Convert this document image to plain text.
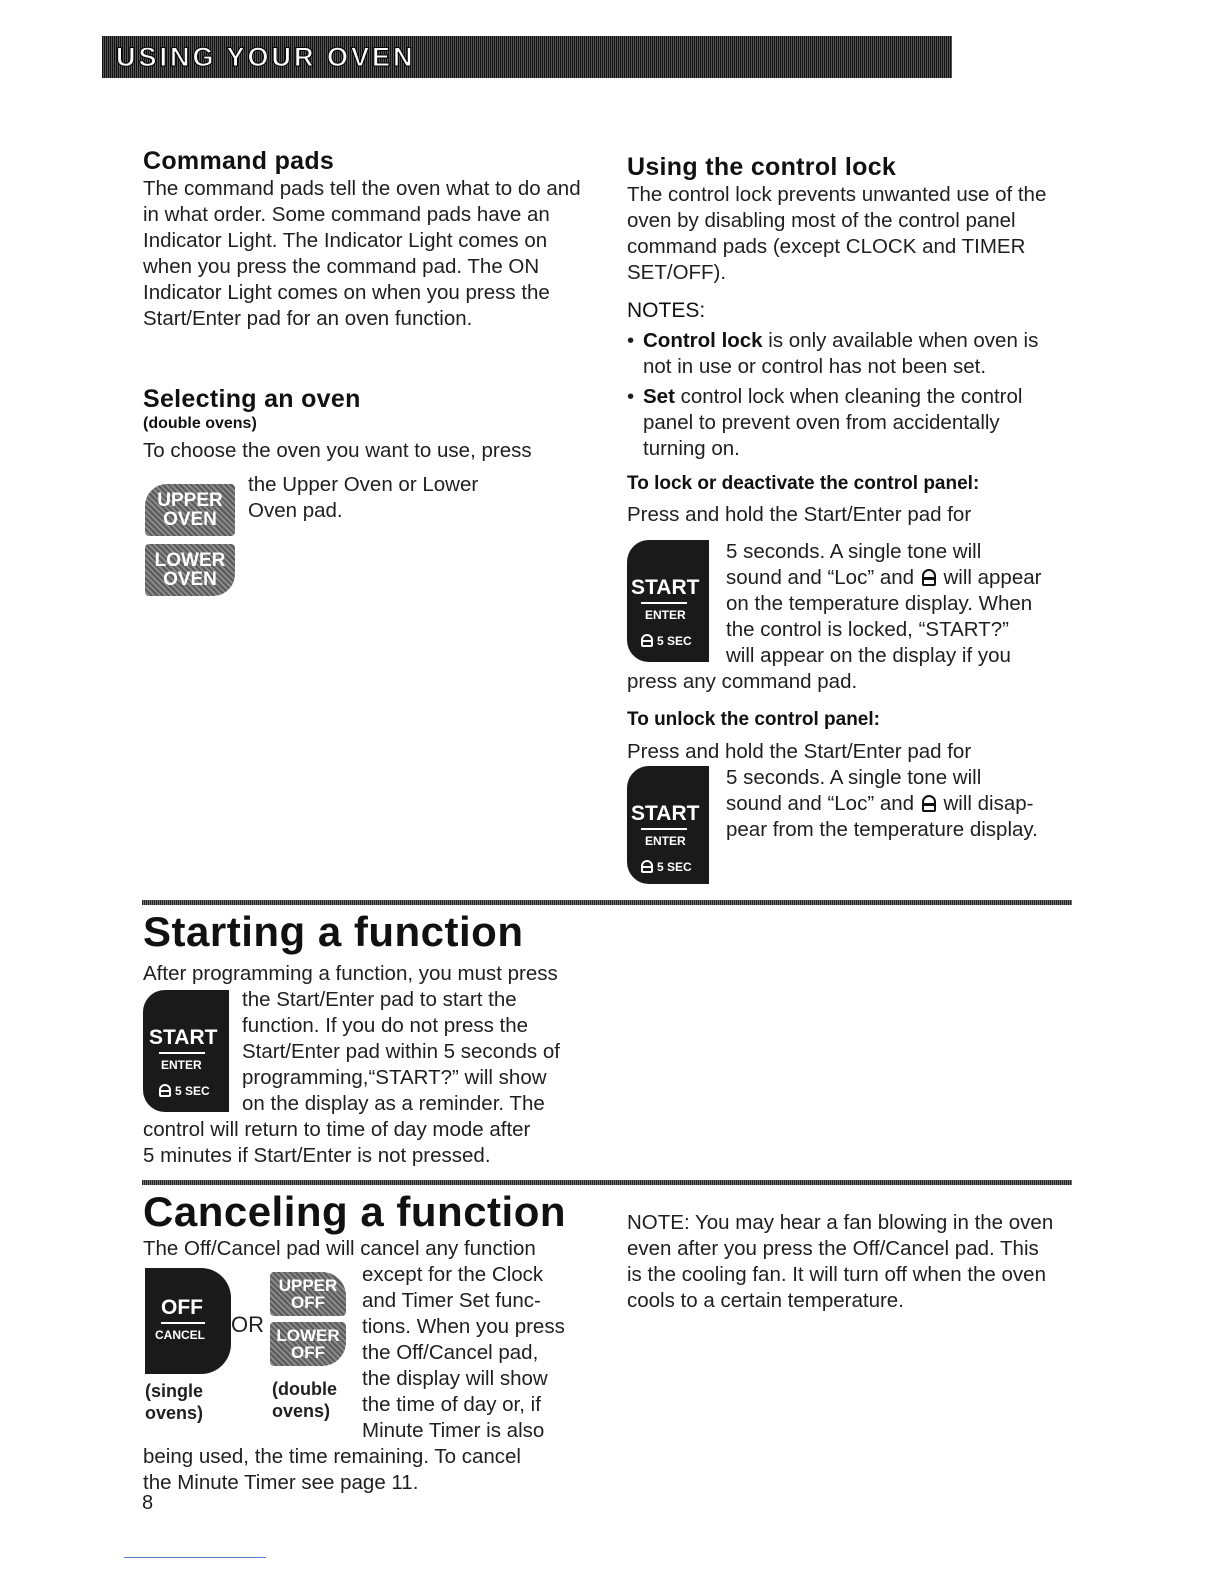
USING YOUR OVEN
Command pads
The command pads tell the oven what to do and in what order. Some command pads have an Indicator Light. The Indicator Light comes on when you press the command pad. The ON Indicator Light comes on when you press the Start/Enter pad for an oven function.
Selecting an oven
(double ovens)
To choose the oven you want to use, press
the Upper Oven or Lower
Oven pad.
UPPER
OVEN
LOWER
OVEN
Using the control lock
The control lock prevents unwanted use of the oven by disabling most of the control panel command pads (except CLOCK and TIMER SET/OFF).
NOTES:
• Control lock is only available when oven is not in use or control has not been set.
• Set control lock when cleaning the control panel to prevent oven from accidentally turning on.
To lock or deactivate the control panel:
Press and hold the Start/Enter pad for
START
ENTER
5 SEC
5 seconds. A single tone will
sound and “Loc” and will appear
on the temperature display. When
the control is locked, “START?”
will appear on the display if you
press any command pad.
To unlock the control panel:
Press and hold the Start/Enter pad for
START
ENTER
5 SEC
5 seconds. A single tone will
sound and “Loc” and will disap-
pear from the temperature display.
Starting a function
After programming a function, you must press
START
ENTER
5 SEC
the Start/Enter pad to start the
function. If you do not press the
Start/Enter pad within 5 seconds of
programming,“START?” will show
on the display as a reminder. The
control will return to time of day mode after
5 minutes if Start/Enter is not pressed.
Canceling a function
The Off/Cancel pad will cancel any function
OFF
CANCEL OR
UPPER
OFF
LOWER
OFF
(single
ovens)
(double
ovens)
except for the Clock
and Timer Set func-
tions. When you press
the Off/Cancel pad,
the display will show
the time of day or, if
Minute Timer is also
being used, the time remaining. To cancel
the Minute Timer see page 11.
NOTE: You may hear a fan blowing in the oven even after you press the Off/Cancel pad. This is the cooling fan. It will turn off when the oven cools to a certain temperature.
8
